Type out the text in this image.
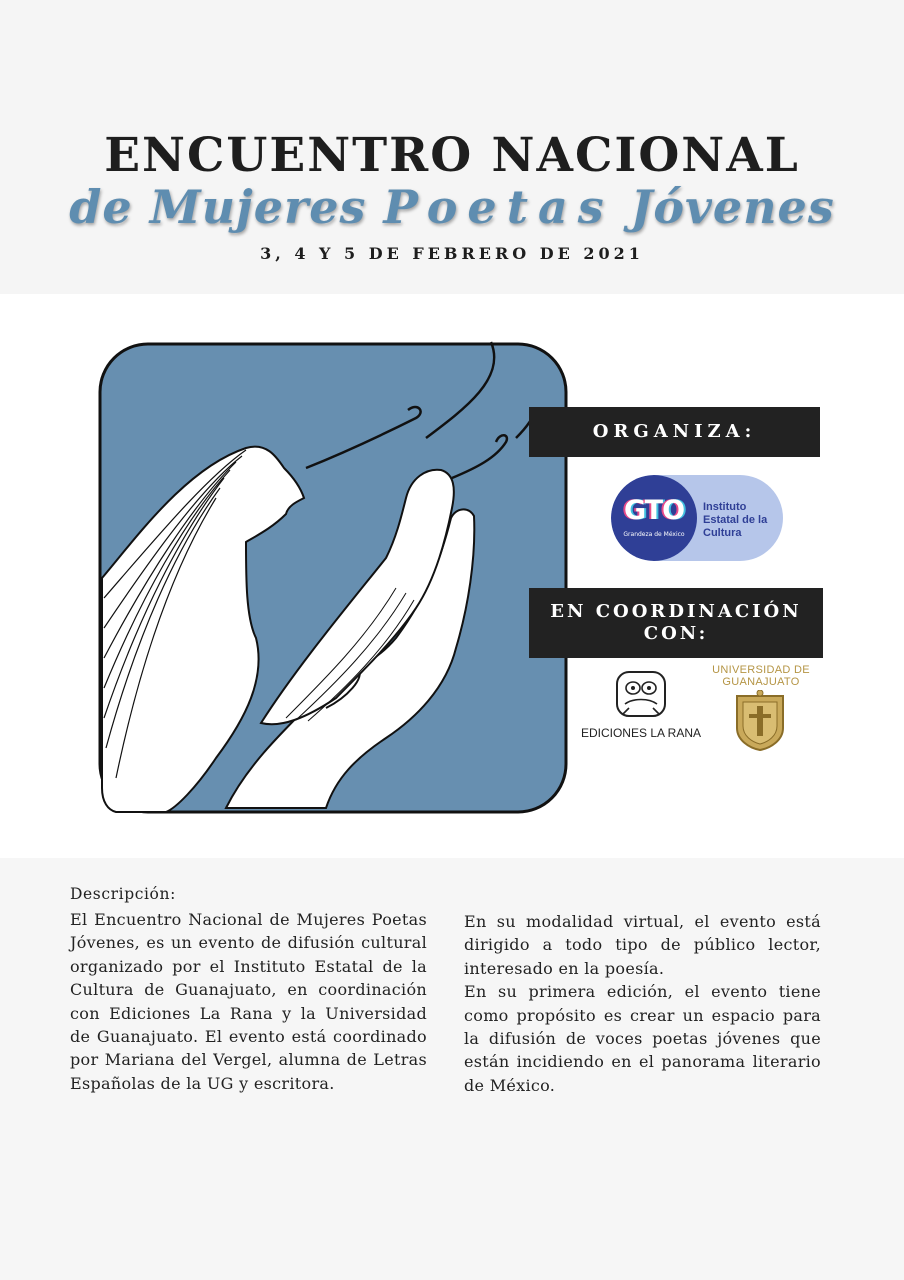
ENCUENTRO NACIONAL
de Mujeres Poetas Jóvenes
3, 4 Y 5 DE FEBRERO DE 2021
ORGANIZA:
GTO
Grandeza de México
Instituto
Estatal de la
Cultura
EN COORDINACIÓN
CON:
EDICIONES LA RANA
UNIVERSIDAD DE
GUANAJUATO
Descripción:

El Encuentro Nacional de Mujeres Poetas Jóvenes, es un evento de difusión cultural organizado por el Instituto Estatal de la Cultura de Guanajuato, en coordinación con Ediciones La Rana y la Universidad de Guanajuato. El evento está coordinado por Mariana del Vergel, alumna de Letras Españolas de la UG y escritora.

En su modalidad virtual, el evento está dirigido a todo tipo de público lector, interesado en la poesía.

En su primera edición, el evento tiene como propósito es crear un espacio para la difusión de voces poetas jóvenes que están incidiendo en el panorama literario de México.
